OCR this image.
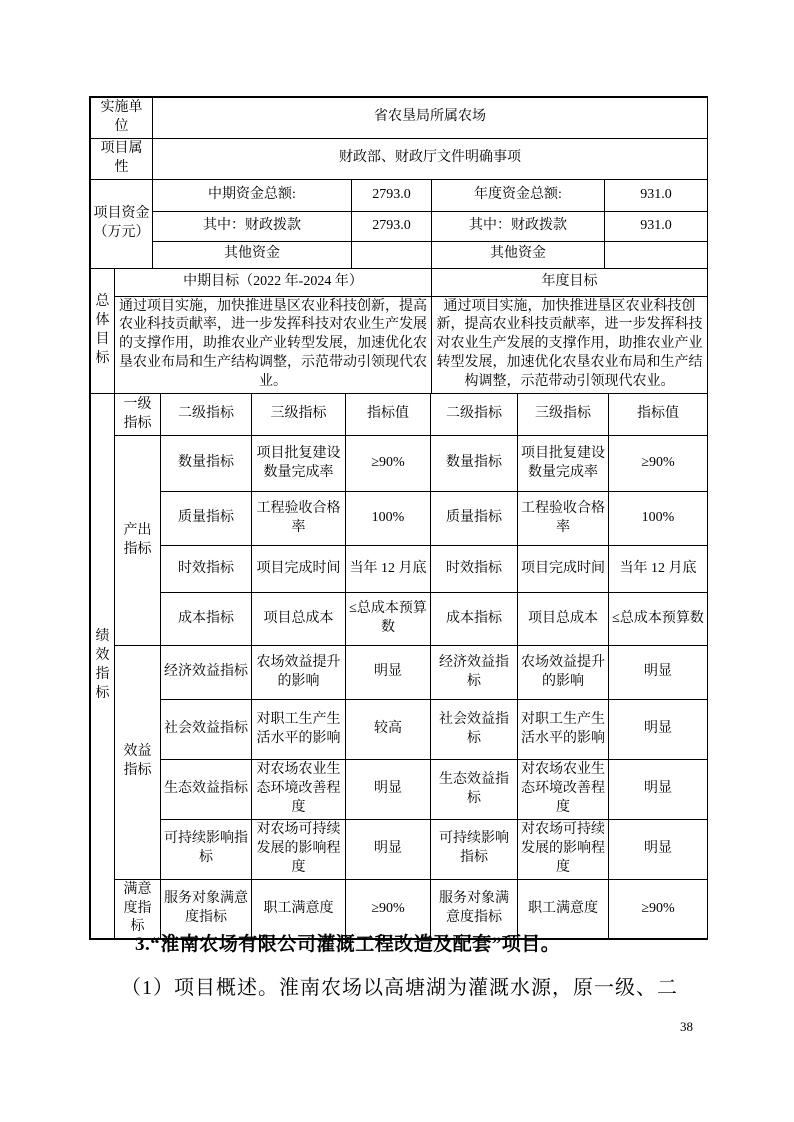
实施单位	省农垦局所属农场			
项目属性	财政部、财政厅文件明确事项			
项目资金（万元）	中期资金总额:	2793.0	年度资金总额:	931.0
	其中：财政拨款	2793.0	其中：财政拨款	931.0
	其他资金		其他资金	
总体目标	中期目标（2022 年-2024 年）	年度目标
	通过项目实施，加快推进垦区农业科技创新，提高农业科技贡献率，进一步发挥科技对农业生产发展的支撑作用，助推农业产业转型发展，加速优化农垦农业布局和生产结构调整，示范带动引领现代农业。	通过项目实施，加快推进垦区农业科技创新，提高农业科技贡献率，进一步发挥科技对农业生产发展的支撑作用，助推农业产业转型发展，加速优化农垦农业布局和生产结构调整，示范带动引领现代农业。
绩效指标	一级指标	二级指标	三级指标	指标值	二级指标	三级指标	指标值
	产出指标	数量指标	项目批复建设数量完成率	≥90%	数量指标	项目批复建设数量完成率	≥90%
		质量指标	工程验收合格率	100%	质量指标	工程验收合格率	100%
		时效指标	项目完成时间	当年 12 月底	时效指标	项目完成时间	当年 12 月底
		成本指标	项目总成本	≤总成本预算数	成本指标	项目总成本	≤总成本预算数
	效益指标	经济效益指标	农场效益提升的影响	明显	经济效益指标	农场效益提升的影响	明显
		社会效益指标	对职工生产生活水平的影响	较高	社会效益指标	对职工生产生活水平的影响	明显
		生态效益指标	对农场农业生态环境改善程度	明显	生态效益指标	对农场农业生态环境改善程度	明显
		可持续影响指标	对农场可持续发展的影响程度	明显	可持续影响指标	对农场可持续发展的影响程度	明显
	满意度指标	服务对象满意度指标	职工满意度	≥90%	服务对象满意度指标	职工满意度	≥90%
3.“淮南农场有限公司灌溉工程改造及配套”项目。
（1）项目概述。淮南农场以高塘湖为灌溉水源，原一级、二
38
